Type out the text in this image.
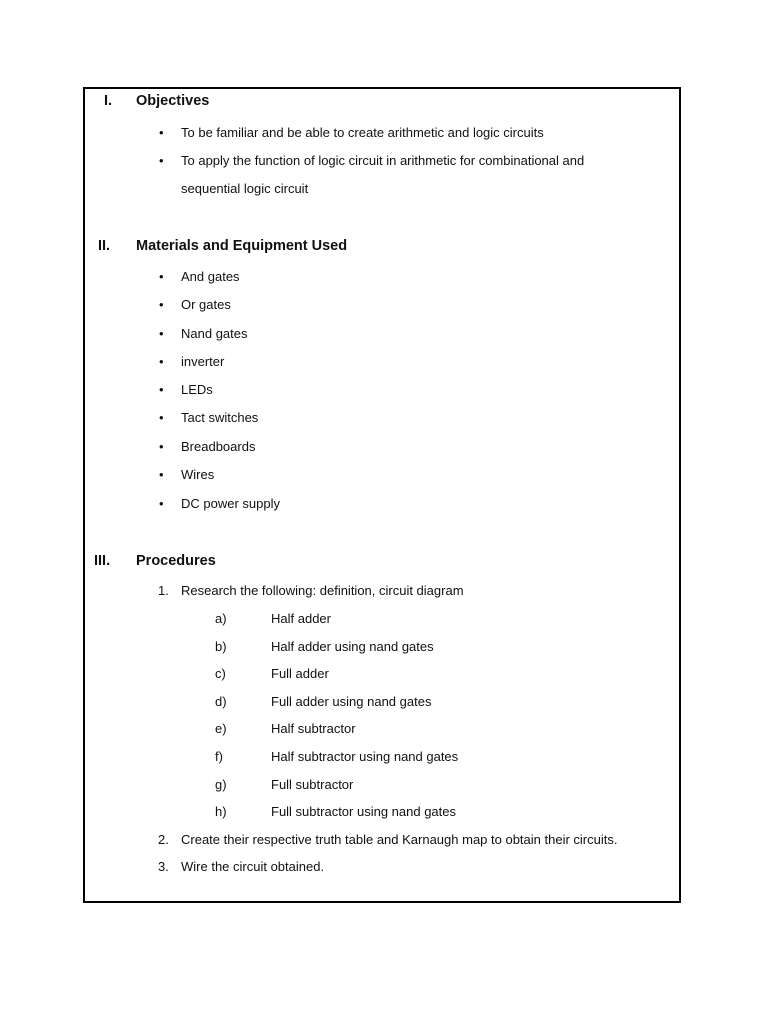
I. Objectives
• To be familiar and be able to create arithmetic and logic circuits
• To apply the function of logic circuit in arithmetic for combinational and
sequential logic circuit
II. Materials and Equipment Used
• And gates
• Or gates
• Nand gates
• inverter
• LEDs
• Tact switches
• Breadboards
• Wires
• DC power supply
III. Procedures
1. Research the following: definition, circuit diagram
a)	Half adder
b)	Half adder using nand gates
c)	Full adder
d)	Full adder using nand gates
e)	Half subtractor
f)	Half subtractor using nand gates
g)	Full subtractor
h)	Full subtractor using nand gates
2. Create their respective truth table and Karnaugh map to obtain their circuits.
3. Wire the circuit obtained.
